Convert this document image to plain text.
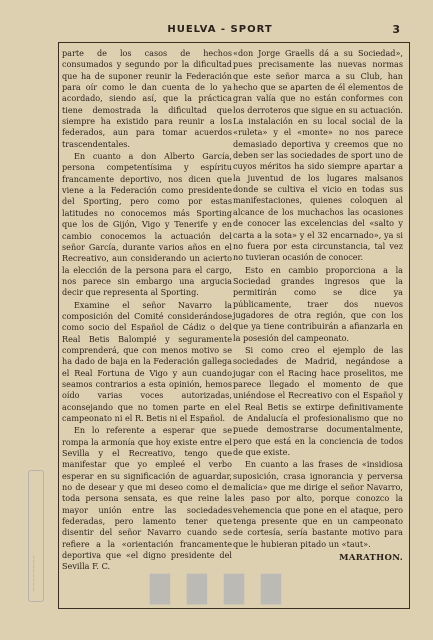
HUELVA - SPORT	3

parte de los casos de hechos consumados y segundo por la dificultad que ha de suponer reunir la Federación para oír como le dan cuenta de lo ya acordado, siendo así, que la práctica tiene demostrada la dificultad que siempre ha existido para reunir a los federados, aun para tomar acuerdos trascendentales.

En cuanto a don Alberto García, persona competentísima y espíritu francamente deportivo, nos dicen que viene a la Federación como presidente del Sporting, pero como por estas latitudes no conocemos más Sporting que los de Gijón, Vigo y Tenerife y en cambio conocemos la actuación del señor García, durante varios años en el Recreativo, aun considerando un acierto la elección de la persona para el cargo, nos parece sin embargo una argucia decir que representa al Sporting.

Examine el señor Navarro la composición del Comité considerándose como socio del Español de Cádiz o del Real Betis Balompié y seguramente comprenderá, que con menos motivo se ha dado de baja en la Federación gallega el Real Fortuna de Vigo y aun cuando seamos contrarios a esta opinión, hemos oído varias voces autorizadas, aconsejando que no tomen parte en el campeonato ni el R. Betis ni el Español.

En lo referente a esperar que se rompa la armonía que hoy existe entre el Sevilla y el Recreativo, tengo que manifestar que yo empleé el verbo esperar en su significación de aguardar, no de desear y que mi deseo como el de toda persona sensata, es que reine la mayor unión entre las sociedades federadas, pero lamento tener que disentir del señor Navarro cuando se refiere a la «orientación francamente deportiva que «el digno presidente del Sevilla F. C.

«don Jorge Graells dá a su Sociedad», pues precisamente las nuevas normas que este señor marca a su Club, han hecho que se aparten de él elementos de gran valía que no están conformes con los derroteros que sigue en su actuación. La instalación en su local social de la «ruleta» y el «monte» no nos parece demasiado deportiva y creemos que no deben ser las sociedades de sport uno de cuyos méritos ha sido siempre apartar a la juventud de los lugares malsanos donde se cultiva el vicio en todas sus manifestaciones, quienes coloquen al alcance de los muchachos las ocasiones de conocer las excelencias del «salto y carta a la sota» y el 32 encarnado», ya si no fuera por esta circunstancia, tal vez no tuvieran ocasión de conocer.

Esto en cambio proporciona a la Sociedad grandes ingresos que la permitirán como se dice ya públicamente, traer dos nuevos jugadores de otra región, que con los que ya tiene contribuirán a afianzarla en la posesión del campeonato.

Si como creo el ejemplo de las sociedades de Madrid, negándose a jugar con el Racing hace proselitos, me parece llegado el momento de que uniéndose el Recreativo con el Español y el Real Betis se extirpe definitivamente de Andalucía el profesionalismo que no puede demostrarse documentalmente, pero que está en la conciencia de todos de que existe.

En cuanto a las frases de «insidiosa suposición, crasa ignorancia y perversa malicia» que me dirige el señor Navarro, les paso por alto, porque conozco la vehemencia que pone en el ataque, pero tenga presente que en un campeonato de cortesía, sería bastante motivo para que le hubieran pitado un «taut».

MARATHON.
────────	█ █ █ █
